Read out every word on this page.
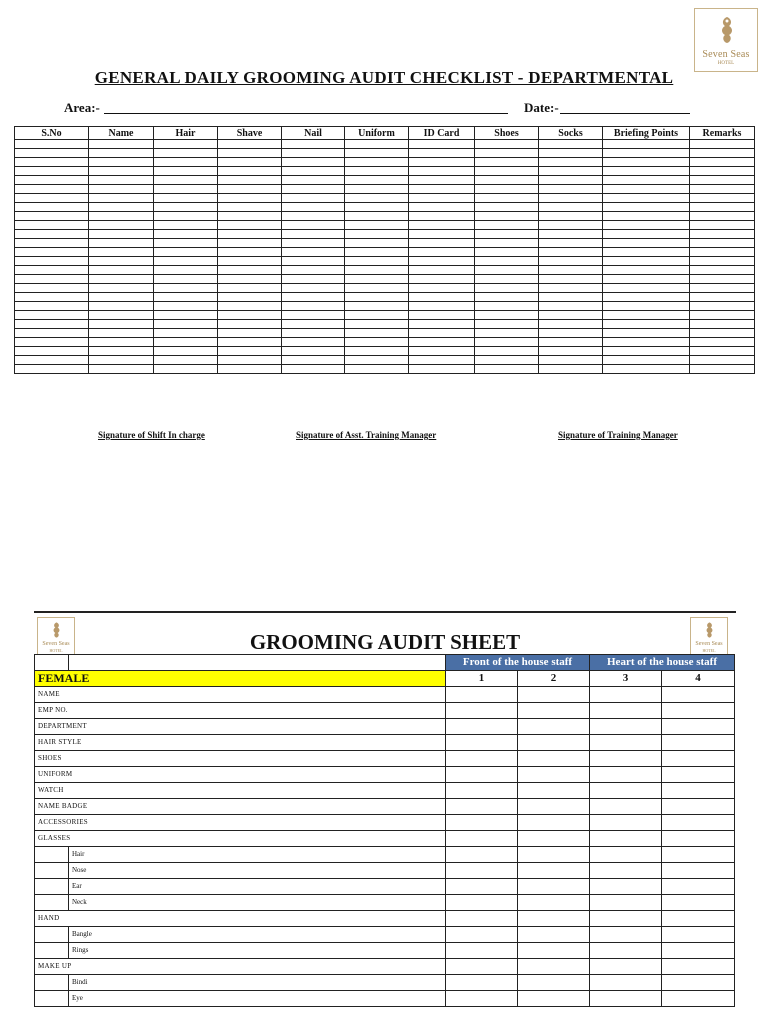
Seven Seas
HOTEL
GENERAL DAILY GROOMING AUDIT CHECKLIST - DEPARTMENTAL
Area:-	Date:-
S.No	Name	Hair	Shave	Nail	Uniform	ID Card	Shoes	Socks	Briefing Points	Remarks

Signature of Shift In charge	Signature of Asst. Training Manager	Signature of Training Manager
Seven Seas
HOTEL
Seven Seas
HOTEL
GROOMING AUDIT SHEET
		Front of the house staff		Heart of the house staff	
FEMALE		1	2	3	4
NAME					
EMP NO.					
DEPARTMENT					
HAIR STYLE					
SHOES					
UNIFORM					
WATCH					
NAME BADGE					
ACCESSORIES					
GLASSES					
	Hair				
	Nose				
	Ear				
	Neck				
HAND					
	Bangle				
	Rings				
MAKE UP					
	Bindi				
	Eye				
